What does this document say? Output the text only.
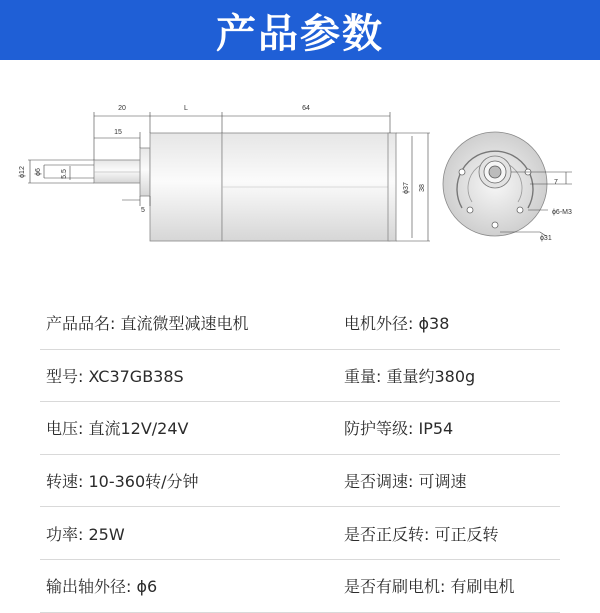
产品参数
20	L	64
15
5
ϕ12 ϕ6	5.5
ϕ37 38
7
ϕ6-M3
ϕ31
产品品名: 直流微型减速电机	电机外径: ϕ38
型号: XC37GB38S	重量: 重量约380g
电压: 直流12V/24V	防护等级: IP54
转速: 10-360转/分钟	是否调速: 可调速
功率: 25W	是否正反转: 可正反转
输出轴外径: ϕ6	是否有刷电机: 有刷电机
